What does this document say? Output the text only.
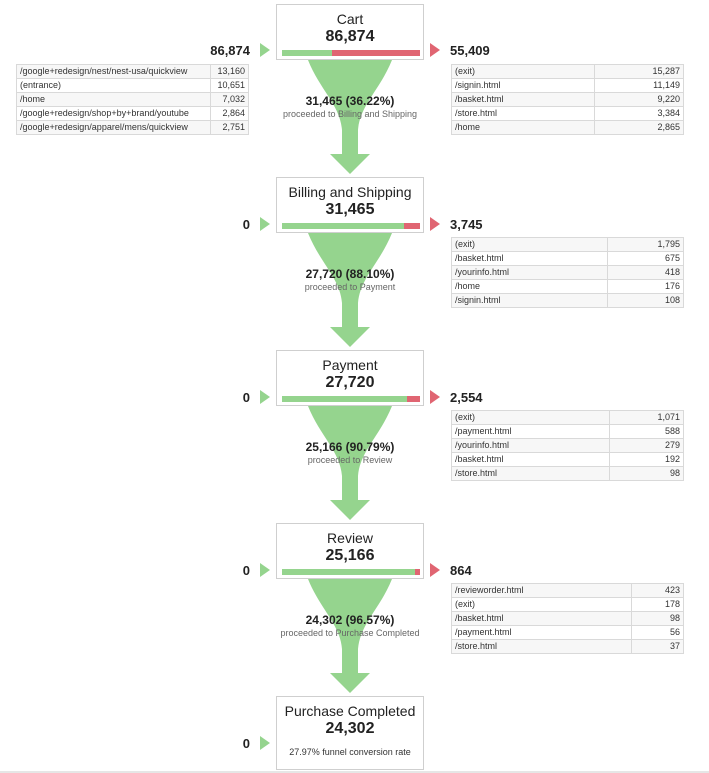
86,874
Cart
86,874
55,409
/google+redesign/nest/nest-usa/quickview	13,160
(entrance)	10,651
/home	7,032
/google+redesign/shop+by+brand/youtube	2,864
/google+redesign/apparel/mens/quickview	2,751
(exit)	15,287
/signin.html	11,149
/basket.html	9,220
/store.html	3,384
/home	2,865
31,465 (36.22%)
proceeded to Billing and Shipping
0
Billing and Shipping
31,465
3,745
(exit)	1,795
/basket.html	675
/yourinfo.html	418
/home	176
/signin.html	108
27,720 (88.10%)
proceeded to Payment
0
Payment
27,720
2,554
(exit)	1,071
/payment.html	588
/yourinfo.html	279
/basket.html	192
/store.html	98
25,166 (90.79%)
proceeded to Review
0
Review
25,166
864
/revieworder.html	423
(exit)	178
/basket.html	98
/payment.html	56
/store.html	37
24,302 (96.57%)
proceeded to Purchase Completed
0
Purchase Completed
24,302
27.97% funnel conversion rate
